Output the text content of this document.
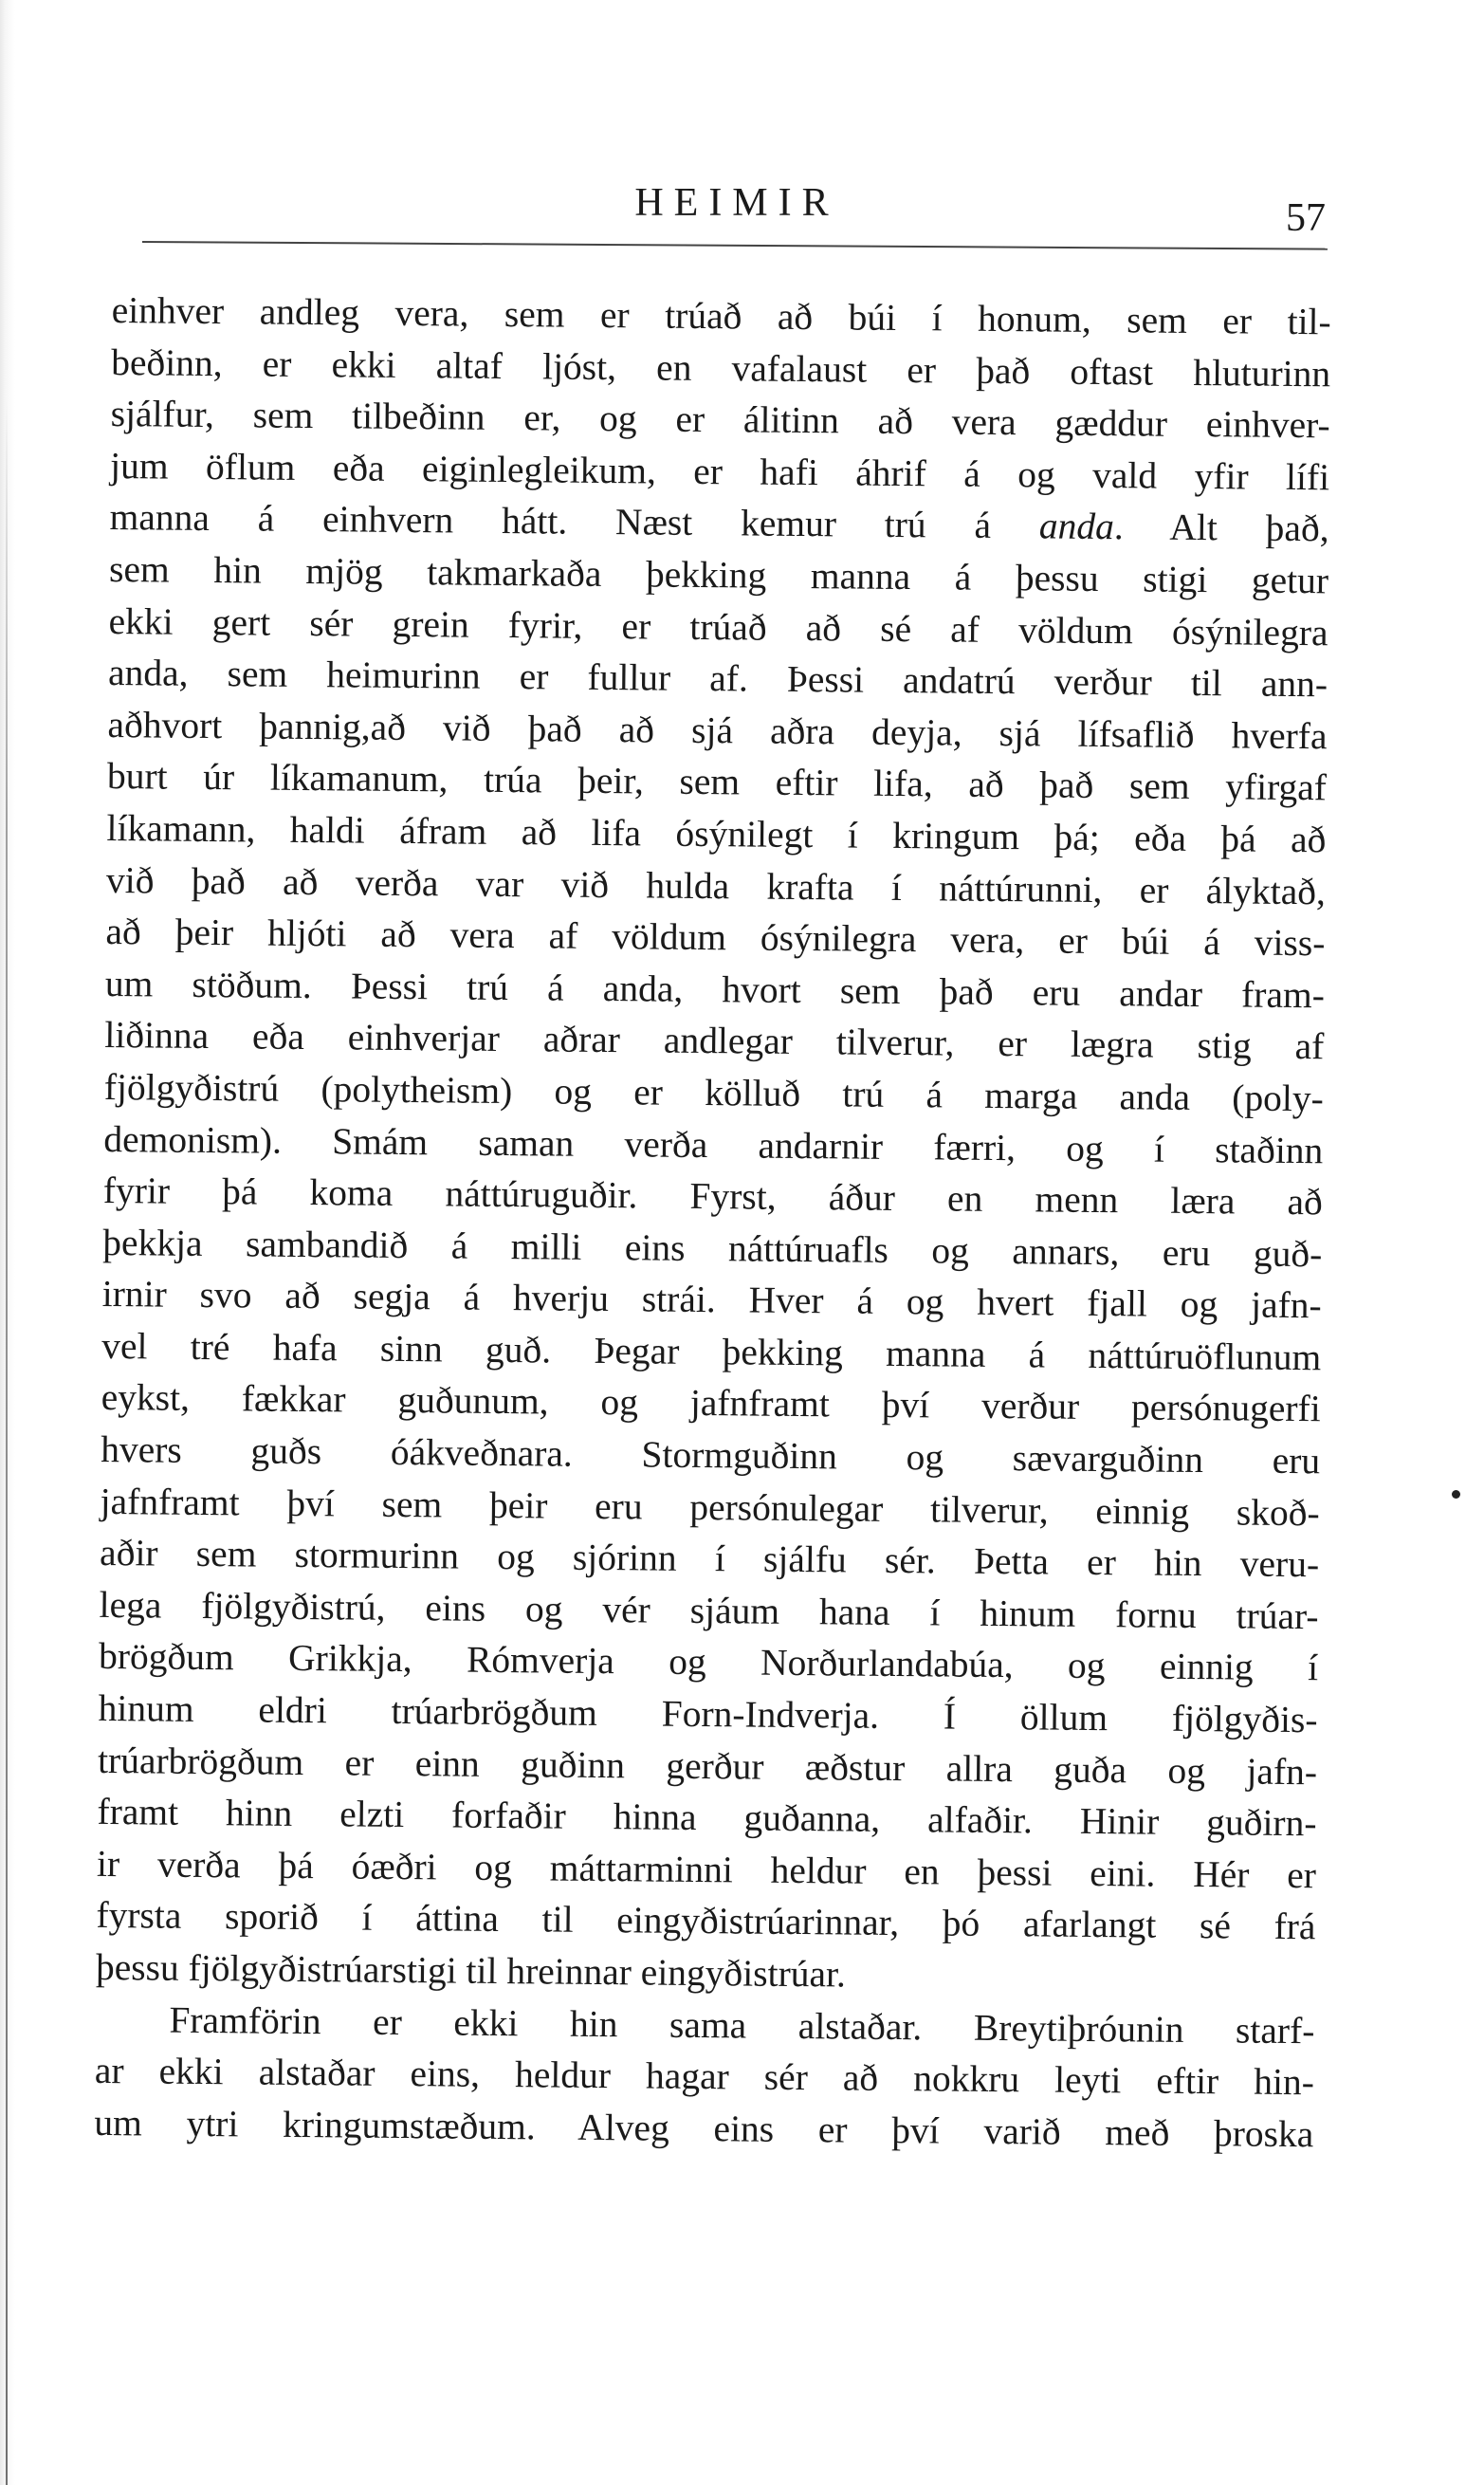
HEIMIR	57
einhver andleg vera, sem er trúað að búi í honum, sem er til-
beðinn, er ekki altaf ljóst, en vafalaust er það oftast hluturinn
sjálfur, sem tilbeðinn er, og er álitinn að vera gæddur einhver-
jum öflum eða eiginlegleikum, er hafi áhrif á og vald yfir lífi
manna á einhvern hátt. Næst kemur trú á anda. Alt það,
sem hin mjög takmarkaða þekking manna á þessu stigi getur
ekki gert sér grein fyrir, er trúað að sé af völdum ósýnilegra
anda, sem heimurinn er fullur af. Þessi andatrú verður til ann-
aðhvort þannig,að við það að sjá aðra deyja, sjá lífsaflið hverfa
burt úr líkamanum, trúa þeir, sem eftir lifa, að það sem yfirgaf
líkamann, haldi áfram að lifa ósýnilegt í kringum þá; eða þá að
við það að verða var við hulda krafta í náttúrunni, er ályktað,
að þeir hljóti að vera af völdum ósýnilegra vera, er búi á viss-
um stöðum. Þessi trú á anda, hvort sem það eru andar fram-
liðinna eða einhverjar aðrar andlegar tilverur, er lægra stig af
fjölgyðistrú (polytheism) og er kölluð trú á marga anda (poly-
demonism). Smám saman verða andarnir færri, og í staðinn
fyrir þá koma náttúruguðir. Fyrst, áður en menn læra að
þekkja sambandið á milli eins náttúruafls og annars, eru guð-
irnir svo að segja á hverju strái. Hver á og hvert fjall og jafn-
vel tré hafa sinn guð. Þegar þekking manna á náttúruöflunum
eykst, fækkar guðunum, og jafnframt því verður persónugerfi
hvers guðs óákveðnara. Stormguðinn og sævarguðinn eru
jafnframt því sem þeir eru persónulegar tilverur, einnig skoð-
aðir sem stormurinn og sjórinn í sjálfu sér. Þetta er hin veru-
lega fjölgyðistrú, eins og vér sjáum hana í hinum fornu trúar-
brögðum Grikkja, Rómverja og Norðurlandabúa, og einnig í
hinum eldri trúarbrögðum Forn-Indverja. Í öllum fjölgyðis-
trúarbrögðum er einn guðinn gerður æðstur allra guða og jafn-
framt hinn elzti forfaðir hinna guðanna, alfaðir. Hinir guðirn-
ir verða þá óæðri og máttarminni heldur en þessi eini. Hér er
fyrsta sporið í áttina til eingyðistrúarinnar, þó afarlangt sé frá
þessu fjölgyðistrúarstigi til hreinnar eingyðistrúar.
Framförin er ekki hin sama alstaðar. Breytiþróunin starf-
ar ekki alstaðar eins, heldur hagar sér að nokkru leyti eftir hin-
um ytri kringumstæðum. Alveg eins er því varið með þroska
